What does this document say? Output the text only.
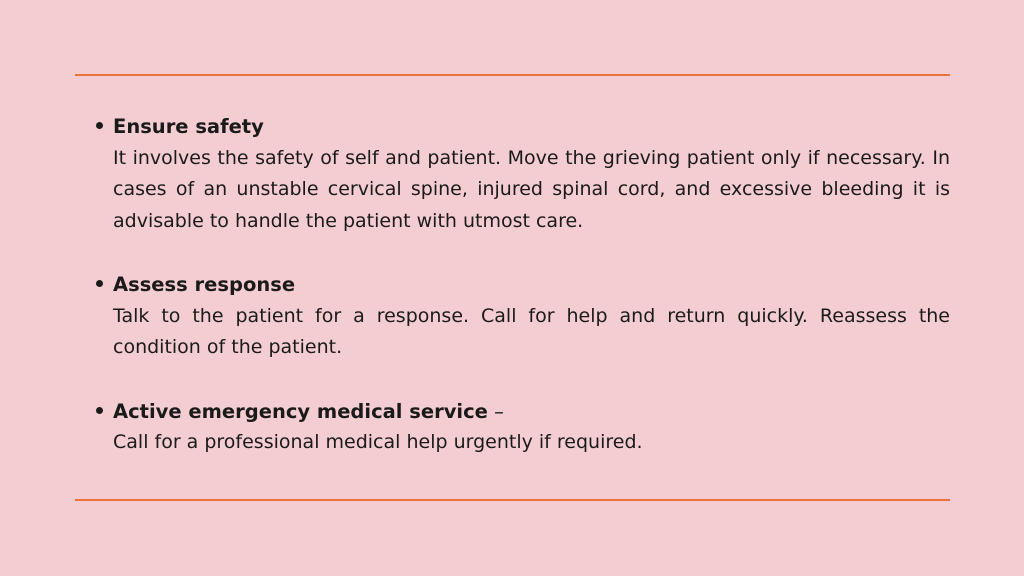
Ensure safety

It involves the safety of self and patient. Move the grieving patient only if necessary. In cases of an unstable cervical spine, injured spinal cord, and excessive bleeding it is advisable to handle the patient with utmost care.

Assess response

Talk to the patient for a response. Call for help and return quickly. Reassess the condition of the patient.

Active emergency medical service –

Call for a professional medical help urgently if required.
